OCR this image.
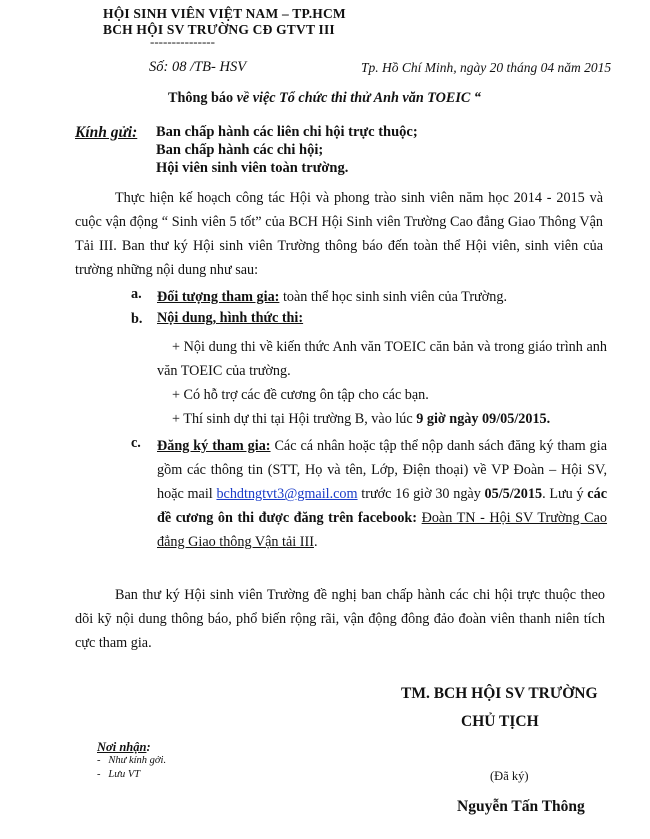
HỘI SINH VIÊN VIỆT NAM – TP.HCM
BCH HỘI SV TRƯỜNG CĐ GTVT III
---------------
Số: 08 /TB- HSV	Tp. Hồ Chí Minh, ngày 20 tháng 04 năm 2015
Thông báo về việc Tổ chức thi thử Anh văn TOEIC “
Kính gửi: Ban chấp hành các liên chi hội trực thuộc;
Ban chấp hành các chi hội;
Hội viên sinh viên toàn trường.
Thực hiện kế hoạch công tác Hội và phong trào sinh viên năm học 2014 - 2015 và cuộc vận động “ Sinh viên 5 tốt” của BCH Hội Sinh viên Trường Cao đẳng Giao Thông Vận Tải III. Ban thư ký Hội sinh viên Trường thông báo đến toàn thể Hội viên, sinh viên của trường những nội dung như sau:
a. Đối tượng tham gia: toàn thể học sinh sinh viên của Trường.
b. Nội dung, hình thức thi:
+ Nội dung thi về kiến thức Anh văn TOEIC căn bản và trong giáo trình anh văn TOEIC của trường.
+ Có hỗ trợ các đề cương ôn tập cho các bạn.
+ Thí sinh dự thi tại Hội trường B, vào lúc 9 giờ ngày 09/05/2015.
c. Đăng ký tham gia: Các cá nhân hoặc tập thể nộp danh sách đăng ký tham gia gồm các thông tin (STT, Họ và tên, Lớp, Điện thoại) về VP Đoàn – Hội SV, hoặc mail bchdtngtvt3@gmail.com trước 16 giờ 30 ngày 05/5/2015. Lưu ý các đề cương ôn thi được đăng trên facebook: Đoàn TN - Hội SV Trường Cao đẳng Giao thông Vận tải III.
Ban thư ký Hội sinh viên Trường đề nghị ban chấp hành các chi hội trực thuộc theo dõi kỹ nội dung thông báo, phổ biến rộng rãi, vận động đông đảo đoàn viên thanh niên tích cực tham gia.
TM. BCH HỘI SV TRƯỜNG
CHỦ TỊCH
(Đã ký)
Nguyễn Tấn Thông
Nơi nhận:
-   Như kính gởi.
-   Lưu VT
